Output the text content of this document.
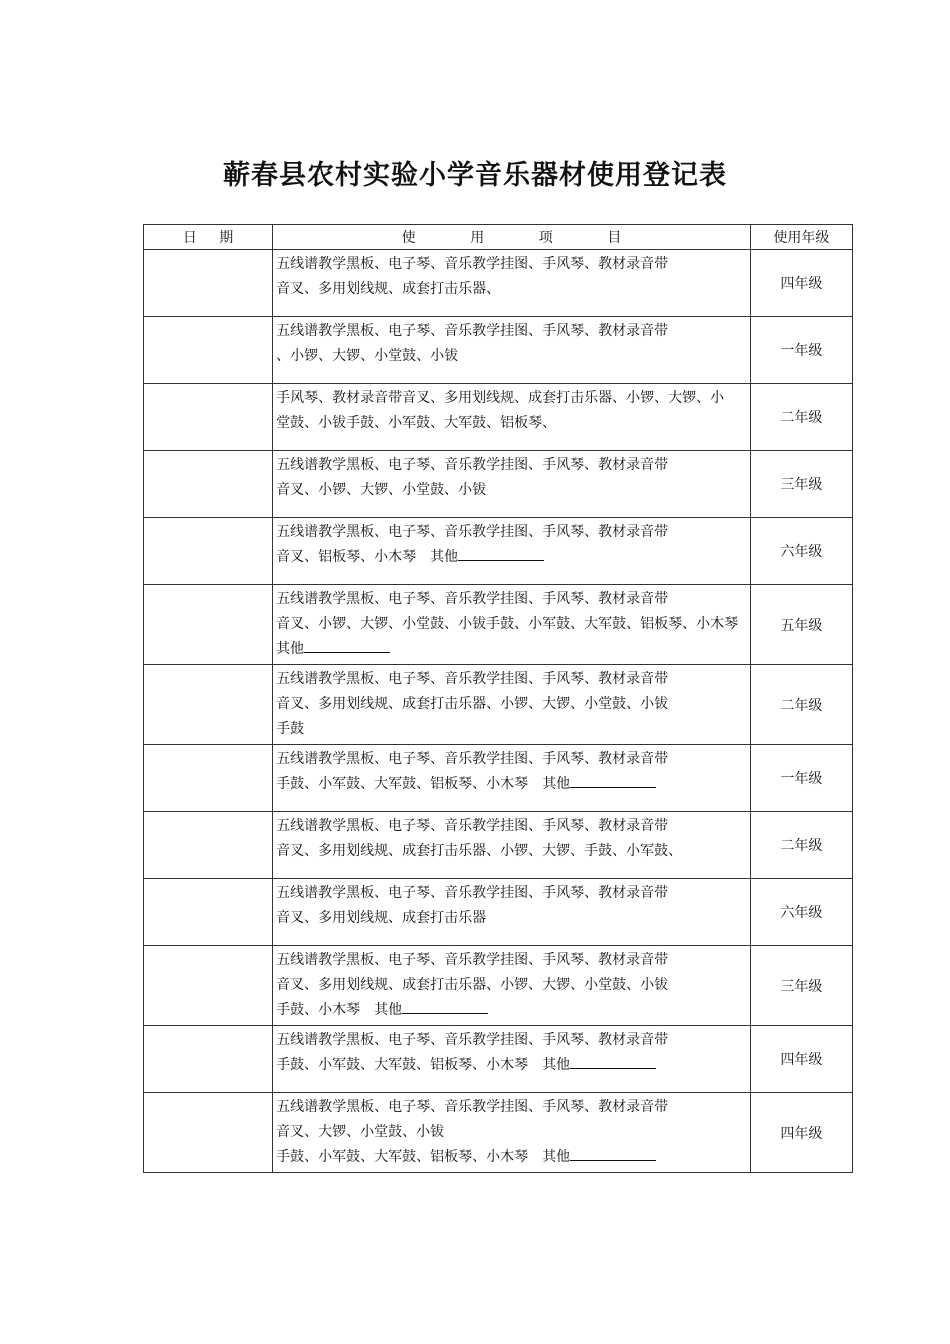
蕲春县农村实验小学音乐器材使用登记表
日期	使用项目	使用年级

	五线谱教学黑板、电子琴、音乐教学挂图、手风琴、教材录音带
音叉、多用划线规、成套打击乐器、	四年级

	五线谱教学黑板、电子琴、音乐教学挂图、手风琴、教材录音带
、小锣、大锣、小堂鼓、小钹	一年级

	手风琴、教材录音带音叉、多用划线规、成套打击乐器、小锣、大锣、小
堂鼓、小钹手鼓、小军鼓、大军鼓、铝板琴、	二年级

	五线谱教学黑板、电子琴、音乐教学挂图、手风琴、教材录音带
音叉、小锣、大锣、小堂鼓、小钹	三年级

	五线谱教学黑板、电子琴、音乐教学挂图、手风琴、教材录音带
音叉、铝板琴、小木琴　其他	六年级

	五线谱教学黑板、电子琴、音乐教学挂图、手风琴、教材录音带
音叉、小锣、大锣、小堂鼓、小钹手鼓、小军鼓、大军鼓、铝板琴、小木琴
其他	五年级

	五线谱教学黑板、电子琴、音乐教学挂图、手风琴、教材录音带
音叉、多用划线规、成套打击乐器、小锣、大锣、小堂鼓、小钹
手鼓	二年级

	五线谱教学黑板、电子琴、音乐教学挂图、手风琴、教材录音带
手鼓、小军鼓、大军鼓、铝板琴、小木琴　其他	一年级

	五线谱教学黑板、电子琴、音乐教学挂图、手风琴、教材录音带
音叉、多用划线规、成套打击乐器、小锣、大锣、手鼓、小军鼓、	二年级

	五线谱教学黑板、电子琴、音乐教学挂图、手风琴、教材录音带
音叉、多用划线规、成套打击乐器	六年级

	五线谱教学黑板、电子琴、音乐教学挂图、手风琴、教材录音带
音叉、多用划线规、成套打击乐器、小锣、大锣、小堂鼓、小钹
手鼓、小木琴　其他	三年级

	五线谱教学黑板、电子琴、音乐教学挂图、手风琴、教材录音带
手鼓、小军鼓、大军鼓、铝板琴、小木琴　其他	四年级

	五线谱教学黑板、电子琴、音乐教学挂图、手风琴、教材录音带
音叉、大锣、小堂鼓、小钹
手鼓、小军鼓、大军鼓、铝板琴、小木琴　其他	四年级
